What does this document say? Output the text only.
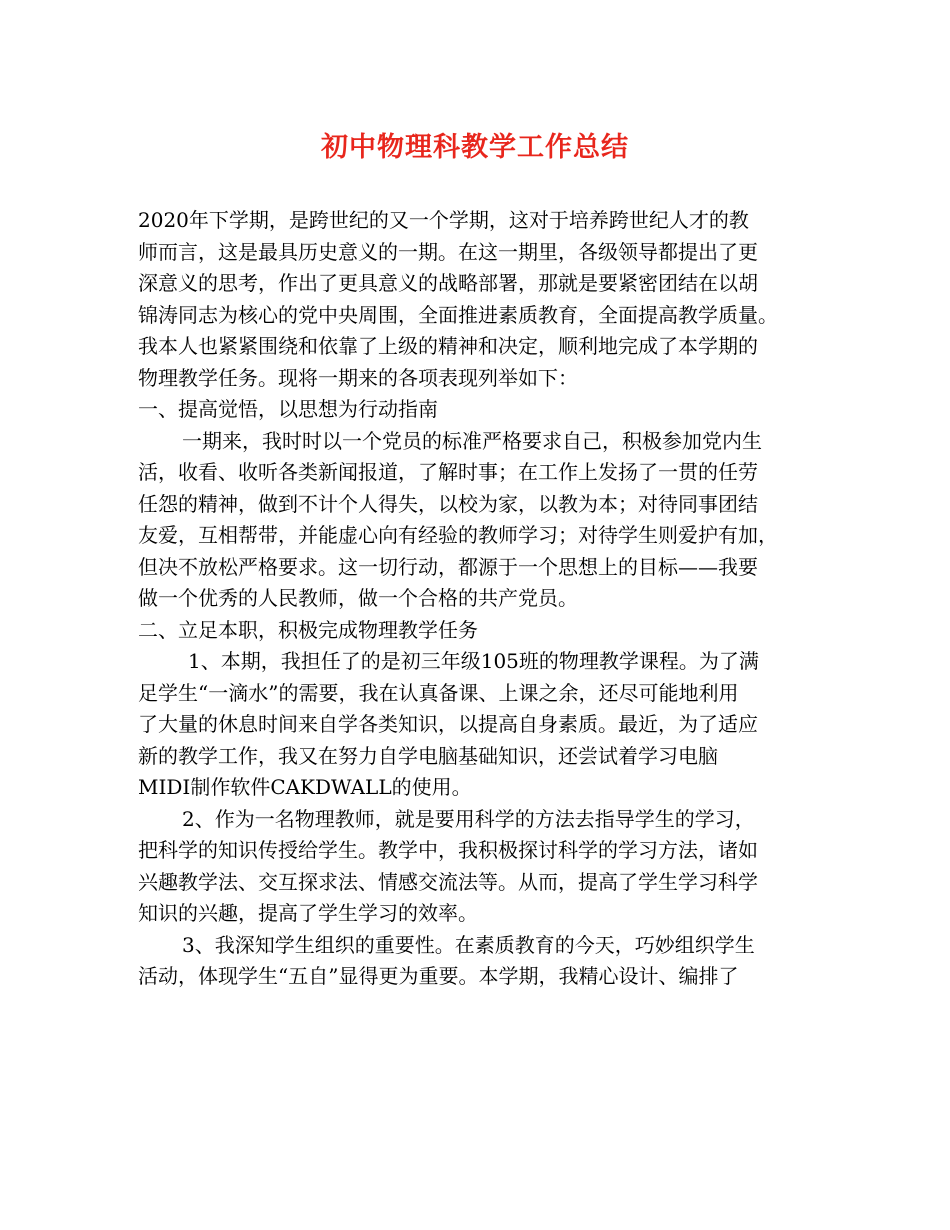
初中物理科教学工作总结
2020年下学期，是跨世纪的又一个学期，这对于培养跨世纪人才的教
师而言，这是最具历史意义的一期。在这一期里，各级领导都提出了更
深意义的思考，作出了更具意义的战略部署，那就是要紧密团结在以胡
锦涛同志为核心的党中央周围，全面推进素质教育，全面提高教学质量。
我本人也紧紧围绕和依靠了上级的精神和决定，顺利地完成了本学期的
物理教学任务。现将一期来的各项表现列举如下：
一、提高觉悟，以思想为行动指南
一期来，我时时以一个党员的标准严格要求自己，积极参加党内生
活，收看、收听各类新闻报道，了解时事；在工作上发扬了一贯的任劳
任怨的精神，做到不计个人得失，以校为家，以教为本；对待同事团结
友爱，互相帮带，并能虚心向有经验的教师学习；对待学生则爱护有加，
但决不放松严格要求。这一切行动，都源于一个思想上的目标——我要
做一个优秀的人民教师，做一个合格的共产党员。
二、立足本职，积极完成物理教学任务
1、本期，我担任了的是初三年级105班的物理教学课程。为了满
足学生“一滴水”的需要，我在认真备课、上课之余，还尽可能地利用
了大量的休息时间来自学各类知识，以提高自身素质。最近，为了适应
新的教学工作，我又在努力自学电脑基础知识，还尝试着学习电脑
MIDI制作软件CAKDWALL的使用。
2、作为一名物理教师，就是要用科学的方法去指导学生的学习，
把科学的知识传授给学生。教学中，我积极探讨科学的学习方法，诸如
兴趣教学法、交互探求法、情感交流法等。从而，提高了学生学习科学
知识的兴趣，提高了学生学习的效率。
3、我深知学生组织的重要性。在素质教育的今天，巧妙组织学生
活动，体现学生“五自”显得更为重要。本学期，我精心设计、编排了
